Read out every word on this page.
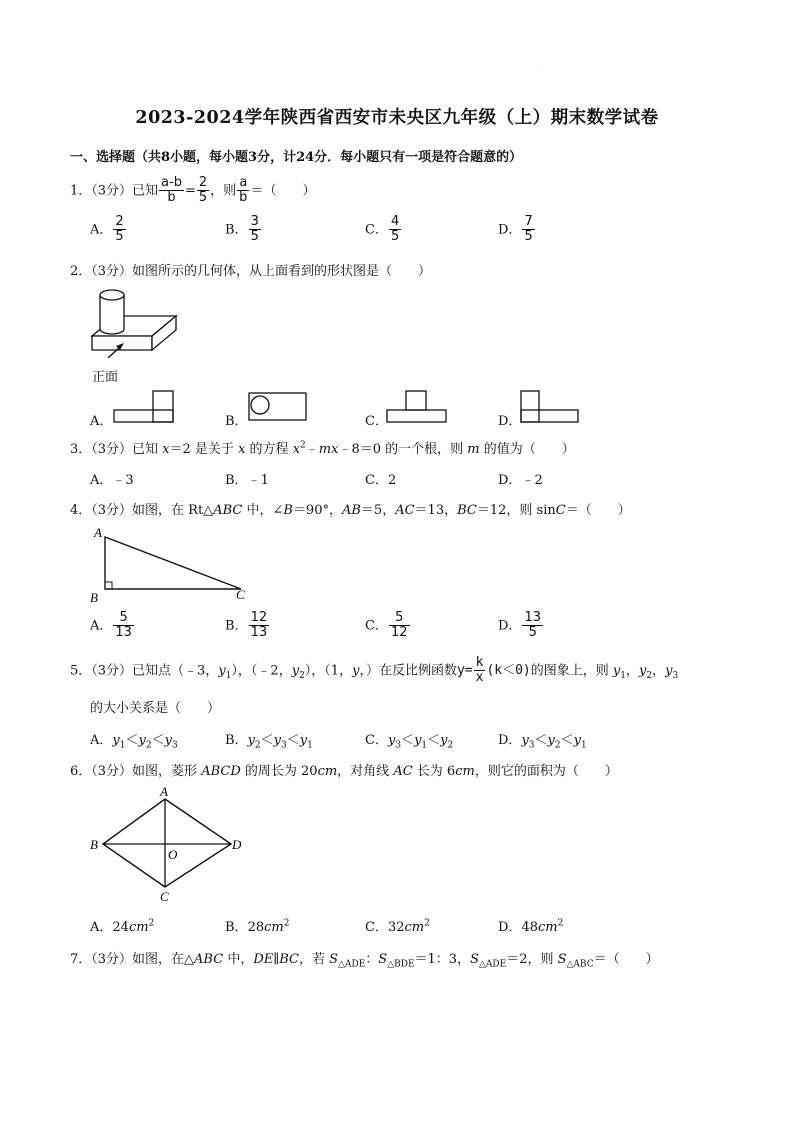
·
2023-2024学年陕西省西安市未央区九年级（上）期末数学试卷
一、选择题（共8小题，每小题3分，计24分．每小题只有一项是符合题意的）
1．（3分）已知 $\frac{a-b}{b} = \frac{2}{5}$ ，则 $\frac{a}{b}$ ＝（　　）
A． $\frac{2}{5}$	B． $\frac{3}{5}$	C． $\frac{4}{5}$	D． $\frac{7}{5}$
2．（3分）如图所示的几何体，从上面看到的形状图是（　　）
正面
A．	B．	C．	D．
3．（3分）已知 x＝2 是关于 x 的方程 $x^2﹣mx﹣8=0$ 的一个根，则 m 的值为（　　）
A．﹣3	B．﹣1	C．2	D．﹣2
4．（3分）如图，在 Rt△ABC 中，∠B＝90°，AB＝5，AC＝13，BC＝12，则 sinC＝（　　）
A
B	C
A． $\frac{5}{13}$	B． $\frac{12}{13}$	C． $\frac{5}{12}$	D． $\frac{13}{5}$
5．（3分）已知点（﹣3，$y_1$），（﹣2，$y_2$），（1，y，）在反比例函数$y= \frac{k}{x} (k<0)$的图象上，则 $y_1$，$y_2$，$y_3$
的大小关系是（　　）
A．$y_1<y_2<y_3$	B．$y_2<y_3<y_1$	C．$y_3<y_1<y_2$	D．$y_3<y_2<y_1$
6．（3分）如图，菱形 ABCD 的周长为 20cm，对角线 AC 长为 6cm，则它的面积为（　　）
A
B	D
C
O
A．$24cm^2$	B．$28cm^2$	C．$32cm^2$	D．$48cm^2$
7．（3分）如图，在△ABC 中，DE∥BC，若 $S_{\triangle ADE}$：$S_{\triangle BDE}=1$：3，$S_{\triangle ADE}=2$，则 $S_{\triangle ABC}=$（　　）
